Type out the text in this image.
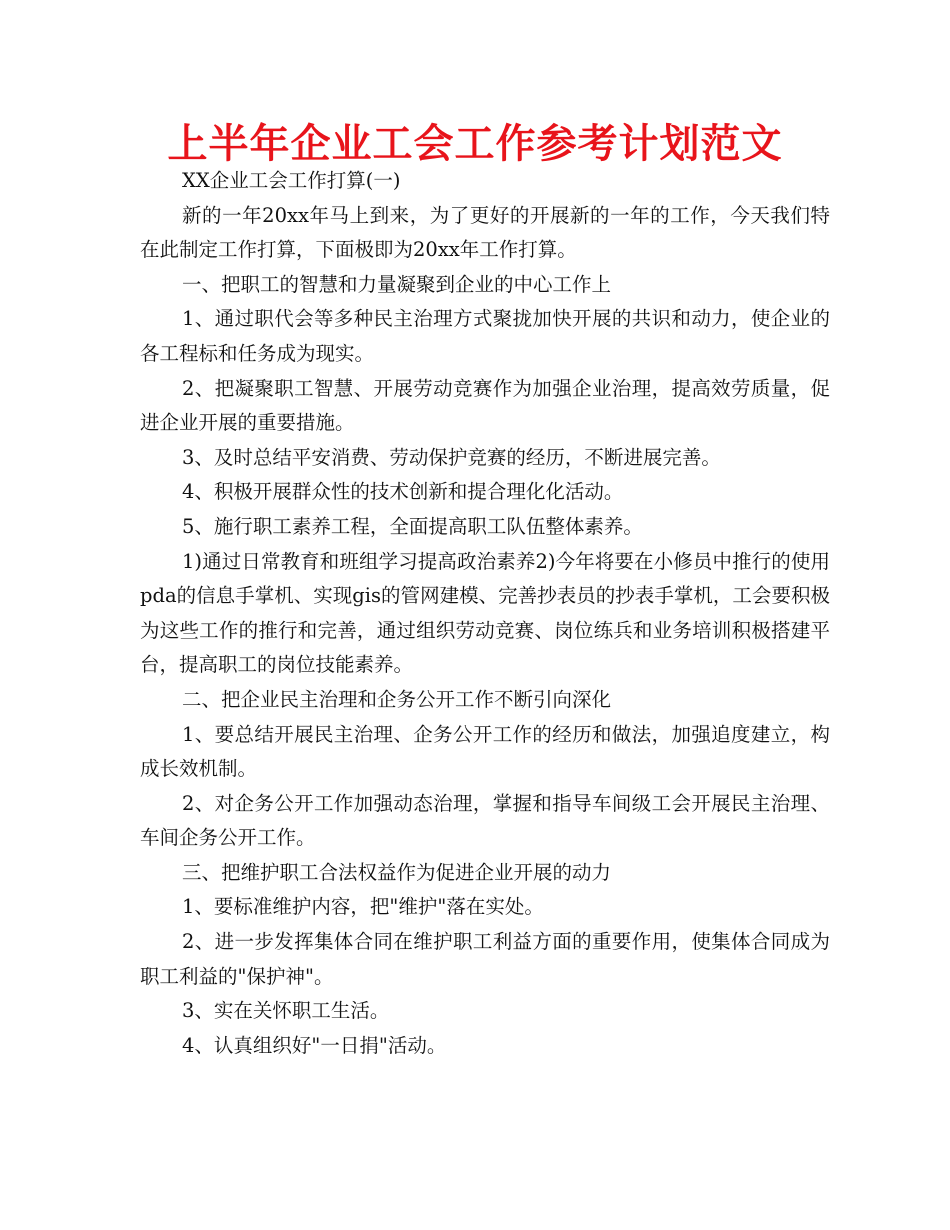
上半年企业工会工作参考计划范文

XX企业工会工作打算(一)

新的一年20xx年马上到来，为了更好的开展新的一年的工作，今天我们特在此制定工作打算，下面极即为20xx年工作打算。

一、把职工的智慧和力量凝聚到企业的中心工作上

1、通过职代会等多种民主治理方式聚拢加快开展的共识和动力，使企业的各工程标和任务成为现实。

2、把凝聚职工智慧、开展劳动竞赛作为加强企业治理，提高效劳质量，促进企业开展的重要措施。

3、及时总结平安消费、劳动保护竞赛的经历，不断进展完善。

4、积极开展群众性的技术创新和提合理化化活动。

5、施行职工素养工程，全面提高职工队伍整体素养。

1)通过日常教育和班组学习提高政治素养2)今年将要在小修员中推行的使用pda的信息手掌机、实现gis的管网建模、完善抄表员的抄表手掌机，工会要积极为这些工作的推行和完善，通过组织劳动竞赛、岗位练兵和业务培训积极搭建平台，提高职工的岗位技能素养。

二、把企业民主治理和企务公开工作不断引向深化

1、要总结开展民主治理、企务公开工作的经历和做法，加强追度建立，构成长效机制。

2、对企务公开工作加强动态治理，掌握和指导车间级工会开展民主治理、车间企务公开工作。

三、把维护职工合法权益作为促进企业开展的动力

1、要标准维护内容，把"维护"落在实处。

2、进一步发挥集体合同在维护职工利益方面的重要作用，使集体合同成为职工利益的"保护神"。

3、实在关怀职工生活。

4、认真组织好"一日捐"活动。
